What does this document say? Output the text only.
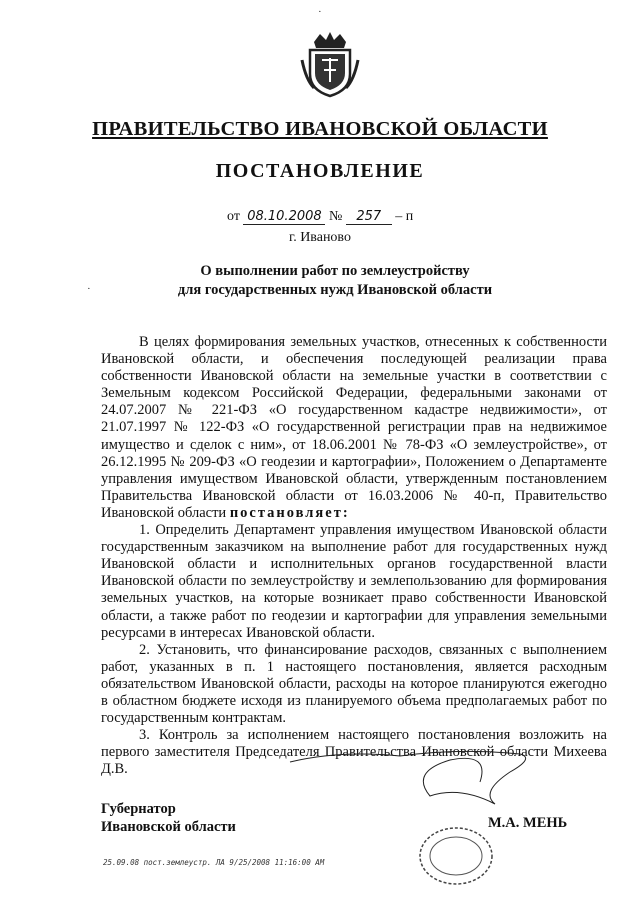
ПРАВИТЕЛЬСТВО ИВАНОВСКОЙ ОБЛАСТИ
ПОСТАНОВЛЕНИЕ
от 08.10.2008 № 257 – п
г. Иваново
О выполнении работ по землеустройству
для государственных нужд Ивановской области

В целях формирования земельных участков, отнесенных к собственности Ивановской области, и обеспечения последующей реализации права собственности Ивановской области на земельные участки в соответствии с Земельным кодексом Российской Федерации, федеральными законами от 24.07.2007 № 221-ФЗ «О государственном кадастре недвижимости», от 21.07.1997 № 122-ФЗ «О государственной регистрации прав на недвижимое имущество и сделок с ним», от 18.06.2001 № 78-ФЗ «О землеустройстве», от 26.12.1995 № 209-ФЗ «О геодезии и картографии», Положением о Департаменте управления имуществом Ивановской области, утвержденным постановлением Правительства Ивановской области от 16.03.2006 № 40-п, Правительство Ивановской области постановляет:

1. Определить Департамент управления имуществом Ивановской области государственным заказчиком на выполнение работ для государственных нужд Ивановской области и исполнительных органов государственной власти Ивановской области по землеустройству и землепользованию для формирования земельных участков, на которые возникает право собственности Ивановской области, а также работ по геодезии и картографии для управления земельными ресурсами в интересах Ивановской области.

2. Установить, что финансирование расходов, связанных с выполнением работ, указанных в п. 1 настоящего постановления, является расходным обязательством Ивановской области, расходы на которое планируются ежегодно в областном бюджете исходя из планируемого объема предполагаемых работ по государственным контрактам.

3. Контроль за исполнением настоящего постановления возложить на первого заместителя Председателя Правительства Ивановской области Михеева Д.В.

Губернатор
Ивановской области	М.А. МЕНЬ
25.09.08 пост.землеустр. ЛА 9/25/2008 11:16:00 AM
·
·
